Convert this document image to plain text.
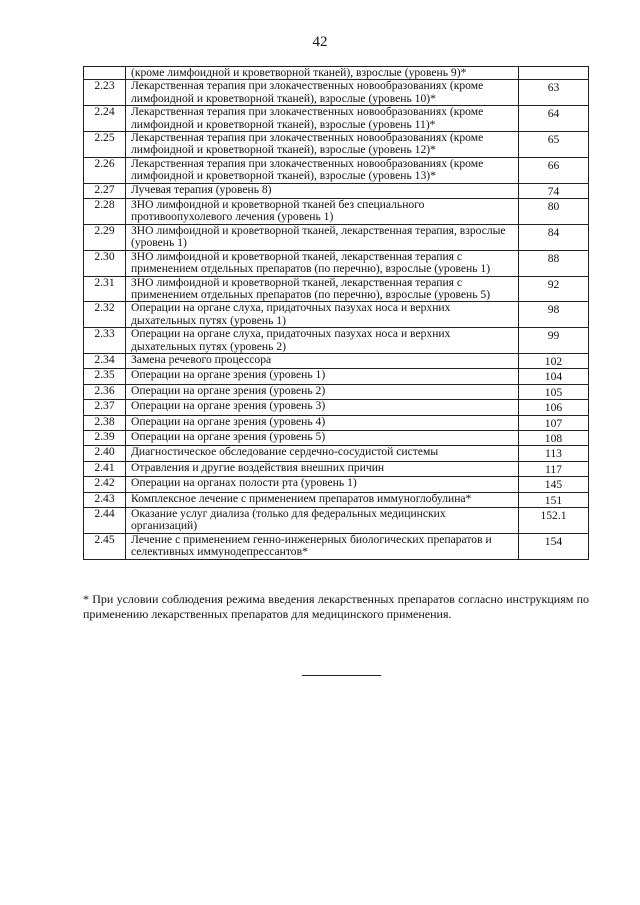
42
	(кроме лимфоидной и кроветворной тканей), взрослые (уровень 9)*	
2.23	Лекарственная терапия при злокачественных новообразованиях (кроме лимфоидной и кроветворной тканей), взрослые (уровень 10)*	63
2.24	Лекарственная терапия при злокачественных новообразованиях (кроме лимфоидной и кроветворной тканей), взрослые (уровень 11)*	64
2.25	Лекарственная терапия при злокачественных новообразованиях (кроме лимфоидной и кроветворной тканей), взрослые (уровень 12)*	65
2.26	Лекарственная терапия при злокачественных новообразованиях (кроме лимфоидной и кроветворной тканей), взрослые (уровень 13)*	66
2.27	Лучевая терапия (уровень 8)	74
2.28	ЗНО лимфоидной и кроветворной тканей без специального противоопухолевого лечения (уровень 1)	80
2.29	ЗНО лимфоидной и кроветворной тканей, лекарственная терапия, взрослые (уровень 1)	84
2.30	ЗНО лимфоидной и кроветворной тканей, лекарственная терапия с применением отдельных препаратов (по перечню), взрослые (уровень 1)	88
2.31	ЗНО лимфоидной и кроветворной тканей, лекарственная терапия с применением отдельных препаратов (по перечню), взрослые (уровень 5)	92
2.32	Операции на органе слуха, придаточных пазухах носа и верхних дыхательных путях (уровень 1)	98
2.33	Операции на органе слуха, придаточных пазухах носа и верхних дыхательных путях (уровень 2)	99
2.34	Замена речевого процессора	102
2.35	Операции на органе зрения (уровень 1)	104
2.36	Операции на органе зрения (уровень 2)	105
2.37	Операции на органе зрения (уровень 3)	106
2.38	Операции на органе зрения (уровень 4)	107
2.39	Операции на органе зрения (уровень 5)	108
2.40	Диагностическое обследование сердечно-сосудистой системы	113
2.41	Отравления и другие воздействия внешних причин	117
2.42	Операции на органах полости рта (уровень 1)	145
2.43	Комплексное лечение с применением препаратов иммуноглобулина*	151
2.44	Оказание услуг диализа (только для федеральных медицинских организаций)	152.1
2.45	Лечение с применением генно-инженерных биологических препаратов и селективных иммунодепрессантов*	154
* При условии соблюдения режима введения лекарственных препаратов согласно инструкциям по применению лекарственных препаратов для медицинского применения.
